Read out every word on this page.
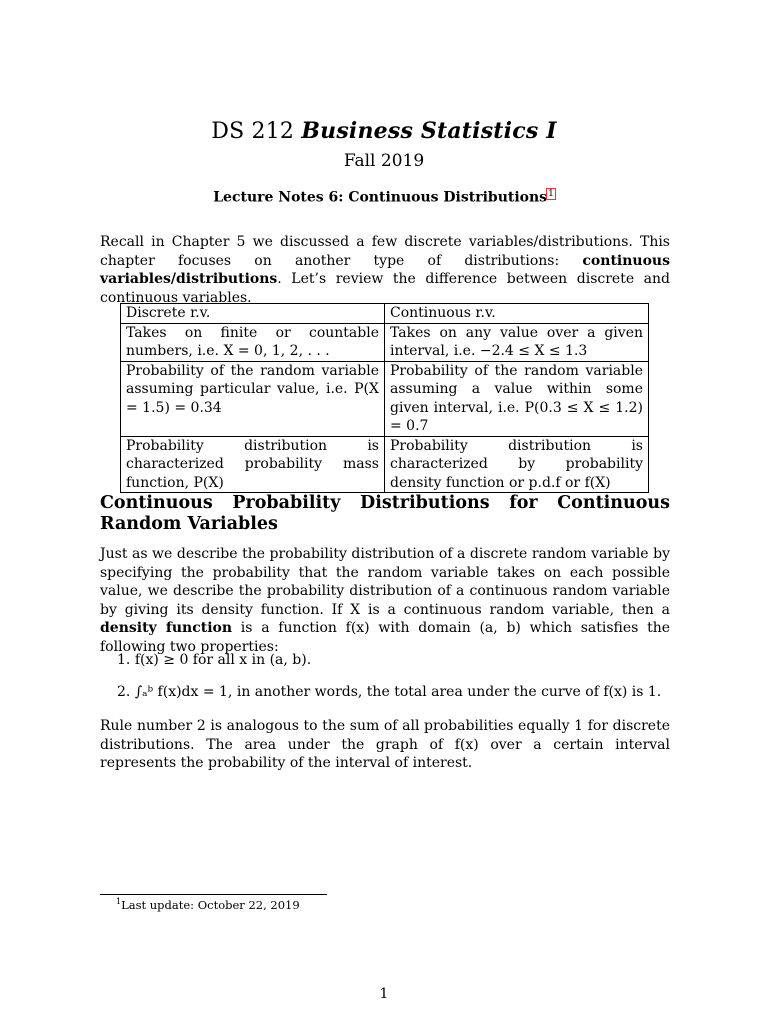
DS 212 Business Statistics I
Fall 2019
Lecture Notes 6: Continuous Distributions$^1$
Recall in Chapter 5 we discussed a few discrete variables/distributions. This chapter focuses on another type of distributions: continuous variables/distributions. Let’s review the difference between discrete and continuous variables.
Discrete r.v.	Continuous r.v.
Takes on finite or countable numbers, i.e. X = 0, 1, 2, . . .	Takes on any value over a given interval, i.e. −2.4 ≤ X ≤ 1.3
Probability of the random variable assuming particular value, i.e. P(X = 1.5) = 0.34	Probability of the random variable assuming a value within some given interval, i.e. P(0.3 ≤ X ≤ 1.2) = 0.7
Probability distribution is characterized probability mass function, P(X)	Probability distribution is characterized by probability density function or p.d.f or f(X)
Continuous Probability Distributions for Continuous Random Variables
Just as we describe the probability distribution of a discrete random variable by specifying the probability that the random variable takes on each possible value, we describe the probability distribution of a continuous random variable by giving its density function. If X is a continuous random variable, then a density function is a function f(x) with domain (a, b) which satisfies the following two properties:
1. f(x) ≥ 0 for all x in (a, b).
2. ∫ₐᵇ f(x)dx = 1, in another words, the total area under the curve of f(x) is 1.
Rule number 2 is analogous to the sum of all probabilities equally 1 for discrete distributions. The area under the graph of f(x) over a certain interval represents the probability of the interval of interest.
$^1$Last update: October 22, 2019
1
